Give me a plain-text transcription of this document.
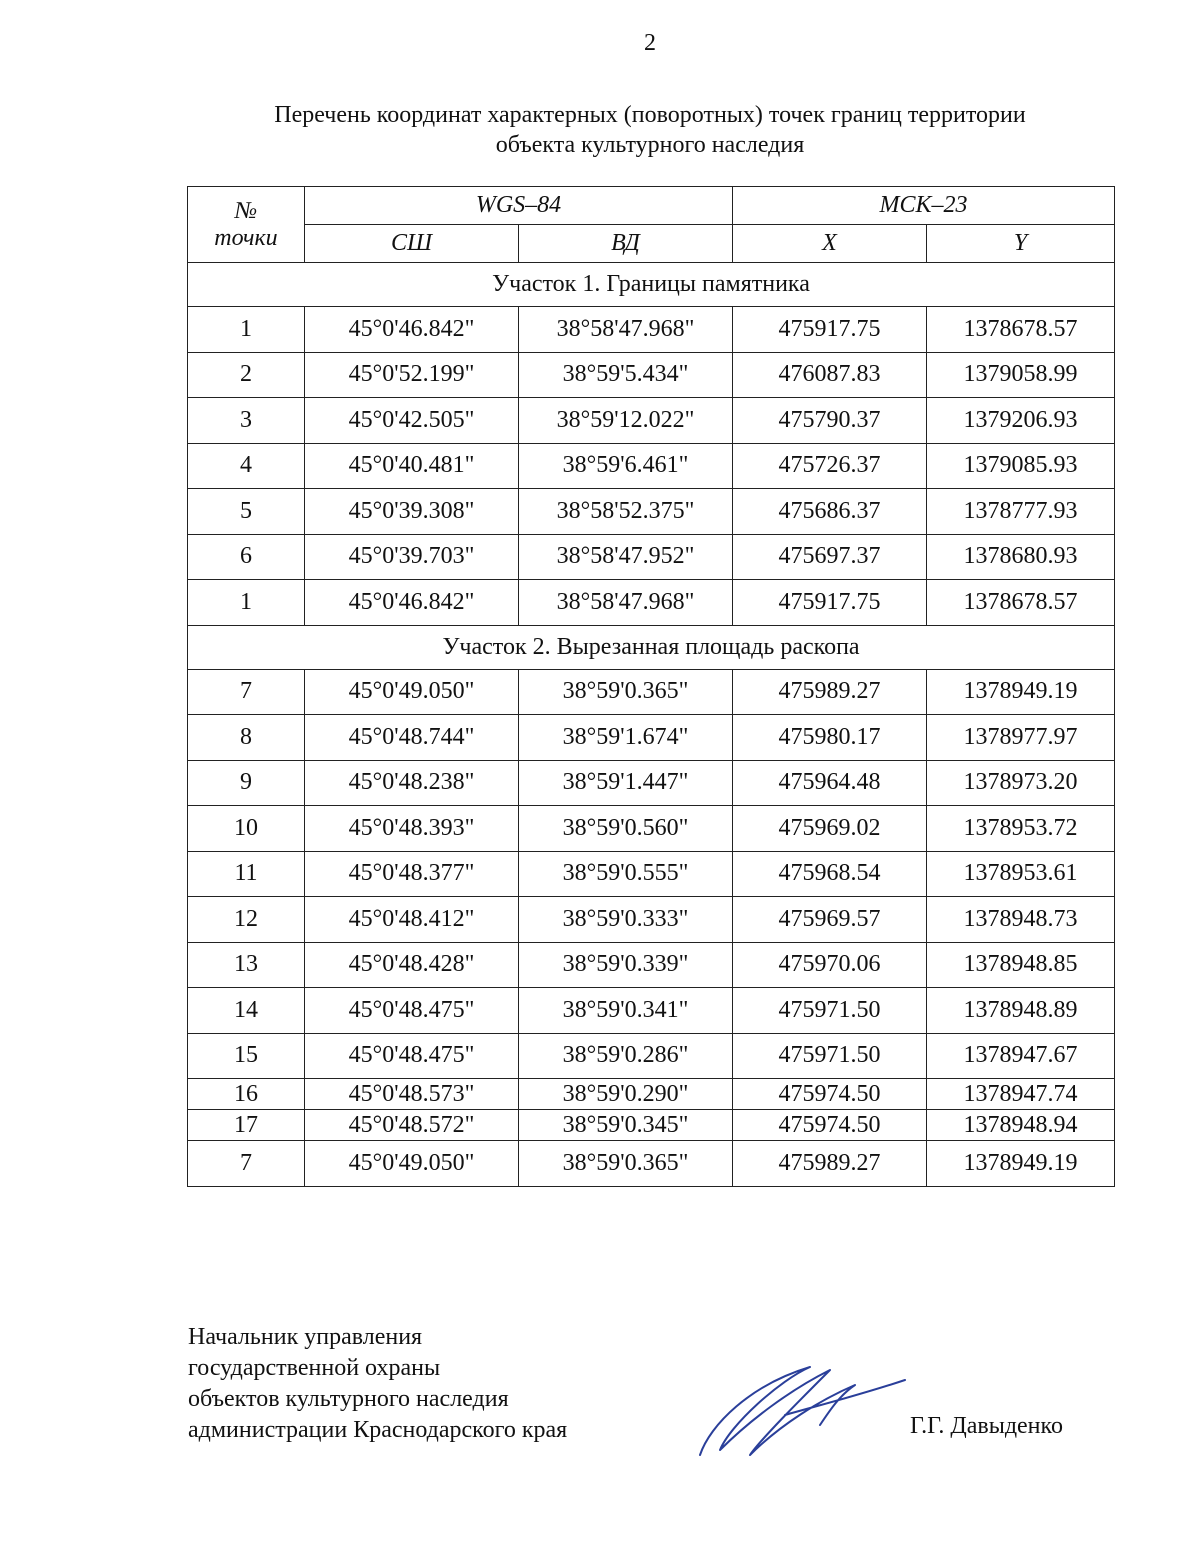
2
Перечень координат характерных (поворотных) точек границ территории
объекта культурного наследия
№	WGS–84		МСК–23	
точки	СШ	ВД	X	Y
Участок 1. Границы памятника				
1	45°0'46.842"	38°58'47.968"	475917.75	1378678.57
2	45°0'52.199"	38°59'5.434"	476087.83	1379058.99
3	45°0'42.505"	38°59'12.022"	475790.37	1379206.93
4	45°0'40.481"	38°59'6.461"	475726.37	1379085.93
5	45°0'39.308"	38°58'52.375"	475686.37	1378777.93
6	45°0'39.703"	38°58'47.952"	475697.37	1378680.93
1	45°0'46.842"	38°58'47.968"	475917.75	1378678.57
Участок 2. Вырезанная площадь раскопа				
7	45°0'49.050"	38°59'0.365"	475989.27	1378949.19
8	45°0'48.744"	38°59'1.674"	475980.17	1378977.97
9	45°0'48.238"	38°59'1.447"	475964.48	1378973.20
10	45°0'48.393"	38°59'0.560"	475969.02	1378953.72
11	45°0'48.377"	38°59'0.555"	475968.54	1378953.61
12	45°0'48.412"	38°59'0.333"	475969.57	1378948.73
13	45°0'48.428"	38°59'0.339"	475970.06	1378948.85
14	45°0'48.475"	38°59'0.341"	475971.50	1378948.89
15	45°0'48.475"	38°59'0.286"	475971.50	1378947.67
16	45°0'48.573"	38°59'0.290"	475974.50	1378947.74
17	45°0'48.572"	38°59'0.345"	475974.50	1378948.94
7	45°0'49.050"	38°59'0.365"	475989.27	1378949.19
Начальник управления
государственной охраны
объектов культурного наследия
администрации Краснодарского края	Г.Г. Давыденко
